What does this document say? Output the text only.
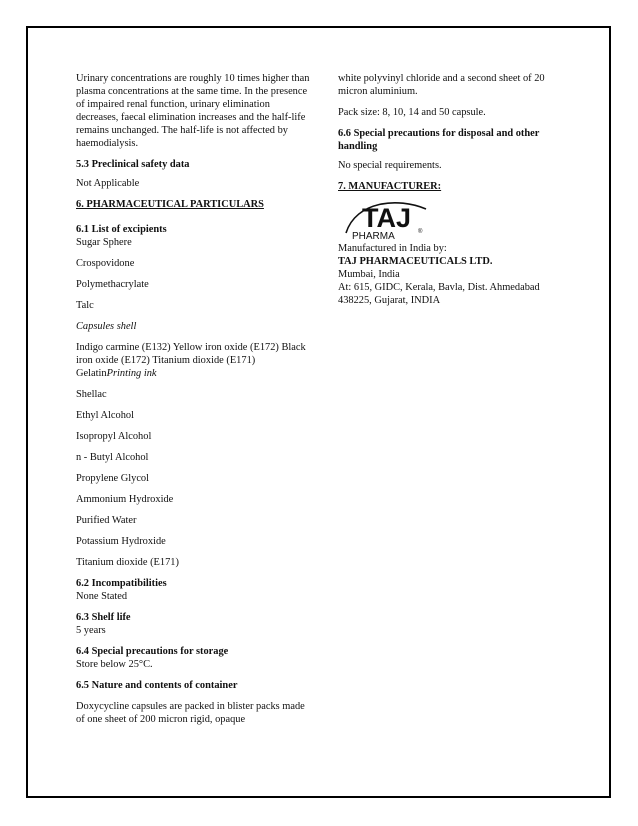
Urinary concentrations are roughly 10 times higher than plasma concentrations at the same time. In the presence of impaired renal function, urinary elimination decreases, faecal elimination increases and the half-life remains unchanged. The half-life is not affected by haemodialysis.

5.3 Preclinical safety data

Not Applicable

6. PHARMACEUTICAL PARTICULARS

6.1 List of excipients

Sugar Sphere

Crospovidone

Polymethacrylate

Talc

Capsules shell

Indigo carmine (E132) Yellow iron oxide (E172) Black iron oxide (E172) Titanium dioxide (E171) GelatinPrinting ink

Shellac

Ethyl Alcohol

Isopropyl Alcohol

n - Butyl Alcohol

Propylene Glycol

Ammonium Hydroxide

Purified Water

Potassium Hydroxide

Titanium dioxide (E171)

6.2 Incompatibilities

None Stated

6.3 Shelf life

5 years

6.4 Special precautions for storage

Store below 25°C.

6.5 Nature and contents of container

Doxycycline capsules are packed in blister packs made of one sheet of 200 micron rigid, opaque

white polyvinyl chloride and a second sheet of 20 micron aluminium.

Pack size: 8, 10, 14 and 50 capsule.

6.6 Special precautions for disposal and other handling

No special requirements.

7. MANUFACTURER:

TAJ
PHARMA	®

Manufactured in India by:

TAJ PHARMACEUTICALS LTD.

Mumbai, India

At: 615, GIDC, Kerala, Bavla, Dist. Ahmedabad 438225, Gujarat, INDIA
